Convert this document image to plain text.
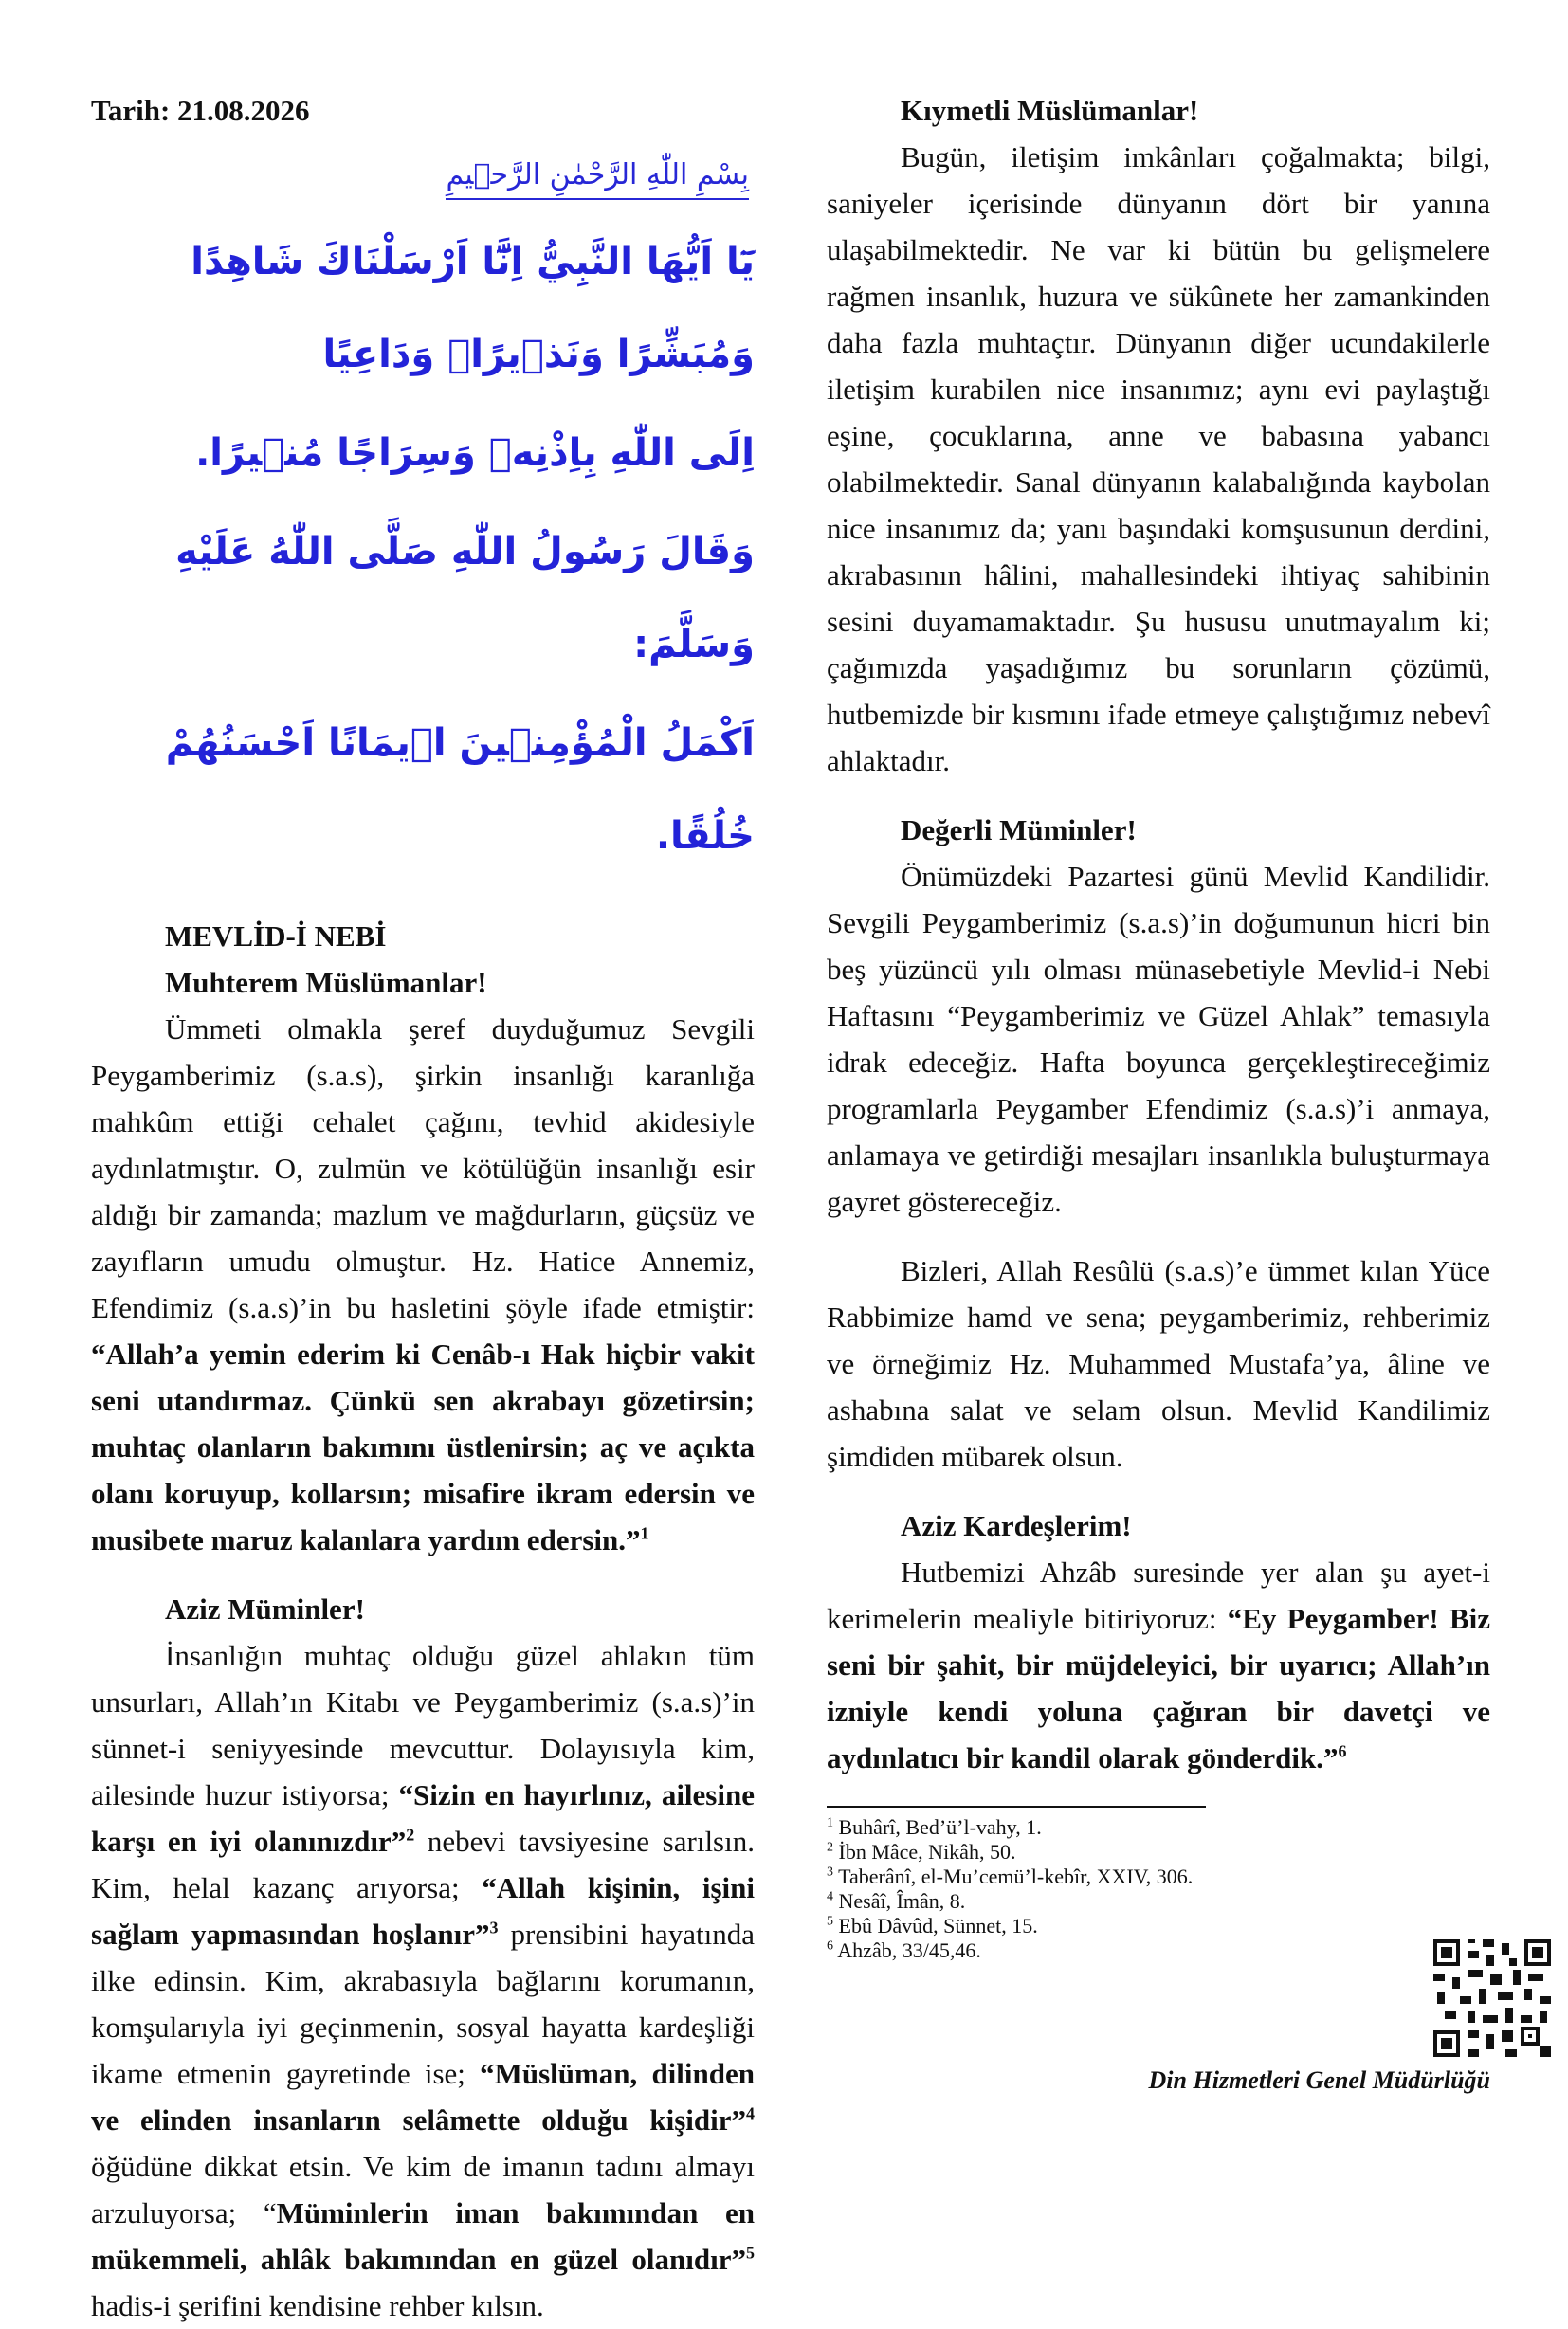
Tarih: 21.08.2026
بِسْمِ اللّٰهِ الرَّحْمٰنِ الرَّح۪يمِ
يَٓا اَيُّهَا النَّبِيُّ اِنَّٓا اَرْسَلْنَاكَ شَاهِدًا وَمُبَشِّرًا وَنَذ۪يرًاۙ وَدَاعِيًا
اِلَى اللّٰهِ بِاِذْنِه۪ وَسِرَاجًا مُن۪يرًا.
وَقَالَ رَسُولُ اللّٰهِ صَلَّى اللّٰهُ عَلَيْهِ وَسَلَّمَ:
اَكْمَلُ الْمُؤْمِن۪ينَ ا۪يمَانًا اَحْسَنُهُمْ خُلُقًا.
MEVLİD-İ NEBİ
Muhterem Müslümanlar!

Ümmeti olmakla şeref duyduğumuz Sevgili Peygamberimiz (s.a.s), şirkin insanlığı karanlığa mahkûm ettiği cehalet çağını, tevhid akidesiyle aydınlatmıştır. O, zulmün ve kötülüğün insanlığı esir aldığı bir zamanda; mazlum ve mağdurların, güçsüz ve zayıfların umudu olmuştur. Hz. Hatice Annemiz, Efendimiz (s.a.s)’in bu hasletini şöyle ifade etmiştir: “Allah’a yemin ederim ki Cenâb-ı Hak hiçbir vakit seni utandırmaz. Çünkü sen akrabayı gözetirsin; muhtaç olanların bakımını üstlenirsin; aç ve açıkta olanı koruyup, kollarsın; misafire ikram edersin ve musibete maruz kalanlara yardım edersin.”$^1$

Aziz Müminler!

İnsanlığın muhtaç olduğu güzel ahlakın tüm unsurları, Allah’ın Kitabı ve Peygamberimiz (s.a.s)’in sünnet-i seniyyesinde mevcuttur. Dolayısıyla kim, ailesinde huzur istiyorsa; “Sizin en hayırlınız, ailesine karşı en iyi olanınızdır”$^2$ nebevi tavsiyesine sarılsın. Kim, helal kazanç arıyorsa; “Allah kişinin, işini sağlam yapmasından hoşlanır”$^3$ prensibini hayatında ilke edinsin. Kim, akrabasıyla bağlarını korumanın, komşularıyla iyi geçinmenin, sosyal hayatta kardeşliği ikame etmenin gayretinde ise; “Müslüman, dilinden ve elinden insanların selâmette olduğu kişidir”$^4$ öğüdüne dikkat etsin. Ve kim de imanın tadını almayı arzuluyorsa; “Müminlerin iman bakımından en mükemmeli, ahlâk bakımından en güzel olanıdır”$^5$ hadis-i şerifini kendisine rehber kılsın.

Kıymetli Müslümanlar!

Bugün, iletişim imkânları çoğalmakta; bilgi, saniyeler içerisinde dünyanın dört bir yanına ulaşabilmektedir. Ne var ki bütün bu gelişmelere rağmen insanlık, huzura ve sükûnete her zamankinden daha fazla muhtaçtır. Dünyanın diğer ucundakilerle iletişim kurabilen nice insanımız; aynı evi paylaştığı eşine, çocuklarına, anne ve babasına yabancı olabilmektedir. Sanal dünyanın kalabalığında kaybolan nice insanımız da; yanı başındaki komşusunun derdini, akrabasının hâlini, mahallesindeki ihtiyaç sahibinin sesini duyamamaktadır. Şu hususu unutmayalım ki; çağımızda yaşadığımız bu sorunların çözümü, hutbemizde bir kısmını ifade etmeye çalıştığımız nebevî ahlaktadır.

Değerli Müminler!

Önümüzdeki Pazartesi günü Mevlid Kandilidir. Sevgili Peygamberimiz (s.a.s)’in doğumunun hicri bin beş yüzüncü yılı olması münasebetiyle Mevlid-i Nebi Haftasını “Peygamberimiz ve Güzel Ahlak” temasıyla idrak edeceğiz. Hafta boyunca gerçekleştireceğimiz programlarla Peygamber Efendimiz (s.a.s)’i anmaya, anlamaya ve getirdiği mesajları insanlıkla buluşturmaya gayret göstereceğiz.

Bizleri, Allah Resûlü (s.a.s)’e ümmet kılan Yüce Rabbimize hamd ve sena; peygamberimiz, rehberimiz ve örneğimiz Hz. Muhammed Mustafa’ya, âline ve ashabına salat ve selam olsun. Mevlid Kandilimiz şimdiden mübarek olsun.

Aziz Kardeşlerim!

Hutbemizi Ahzâb suresinde yer alan şu ayet-i kerimelerin mealiyle bitiriyoruz: “Ey Peygamber! Biz seni bir şahit, bir müjdeleyici, bir uyarıcı; Allah’ın izniyle kendi yoluna çağıran bir davetçi ve aydınlatıcı bir kandil olarak gönderdik.”$^6$

$^1$ Buhârî, Bed’ü’l-vahy, 1.
$^2$ İbn Mâce, Nikâh, 50.
$^3$ Taberânî, el-Mu’cemü’l-kebîr, XXIV, 306.
$^4$ Nesâî, Îmân, 8.
$^5$ Ebû Dâvûd, Sünnet, 15.
$^6$ Ahzâb, 33/45,46.
Din Hizmetleri Genel Müdürlüğü
